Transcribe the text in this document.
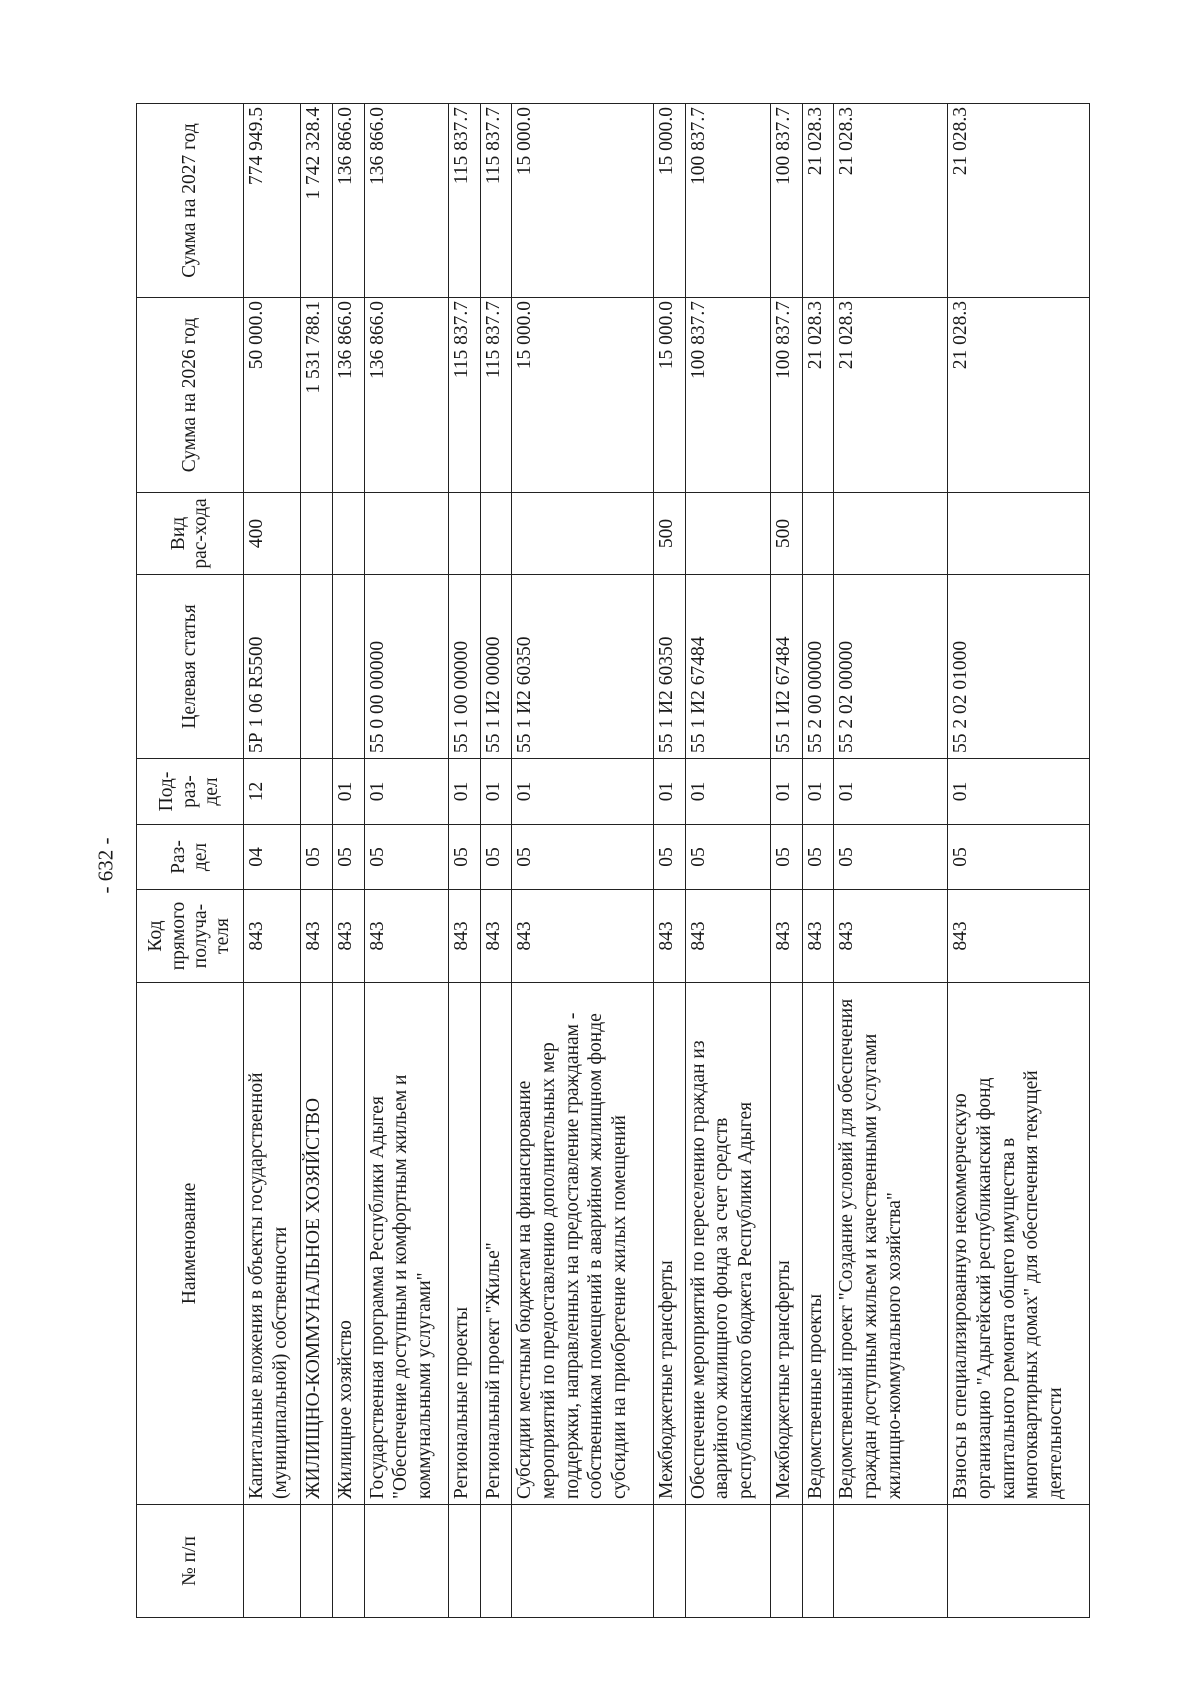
- 632 -
№ п/п	Наименование	Код прямого получа-теля	Раз-дел	Под-раз-дел	Целевая статья	Вид рас-хода	Сумма на 2026 год	Сумма на 2027 год
	Капитальные вложения в объекты государственной (муниципальной) собственности	843	04	12	5Р 1 06 R5500	400	50 000.0	774 949.5
	ЖИЛИЩНО-КОММУНАЛЬНОЕ ХОЗЯЙСТВО	843	05				1 531 788.1	1 742 328.4
	Жилищное хозяйство	843	05	01			136 866.0	136 866.0
	Государственная программа Республики Адыгея "Обеспечение доступным и комфортным жильем и коммунальными услугами"	843	05	01	55 0 00 00000		136 866.0	136 866.0
	Региональные проекты	843	05	01	55 1 00 00000		115 837.7	115 837.7
	Региональный проект "Жилье"	843	05	01	55 1 И2 00000		115 837.7	115 837.7
	Субсидии местным бюджетам на финансирование мероприятий по предоставлению дополнительных мер поддержки, направленных на предоставление гражданам - собственникам помещений в аварийном жилищном фонде субсидии на приобретение жилых помещений	843	05	01	55 1 И2 60350		15 000.0	15 000.0
	Межбюджетные трансферты	843	05	01	55 1 И2 60350	500	15 000.0	15 000.0
	Обеспечение мероприятий по переселению граждан из аварийного жилищного фонда за счет средств республиканского бюджета Республики Адыгея	843	05	01	55 1 И2 67484		100 837.7	100 837.7
	Межбюджетные трансферты	843	05	01	55 1 И2 67484	500	100 837.7	100 837.7
	Ведомственные проекты	843	05	01	55 2 00 00000		21 028.3	21 028.3
	Ведомственный проект "Создание условий для обеспечения граждан доступным жильем и качественными услугами жилищно-коммунального хозяйства"	843	05	01	55 2 02 00000		21 028.3	21 028.3
	Взносы в специализированную некоммерческую организацию "Адыгейский республиканский фонд капитального ремонта общего имущества в многоквартирных домах" для обеспечения текущей деятельности	843	05	01	55 2 02 01000		21 028.3	21 028.3
